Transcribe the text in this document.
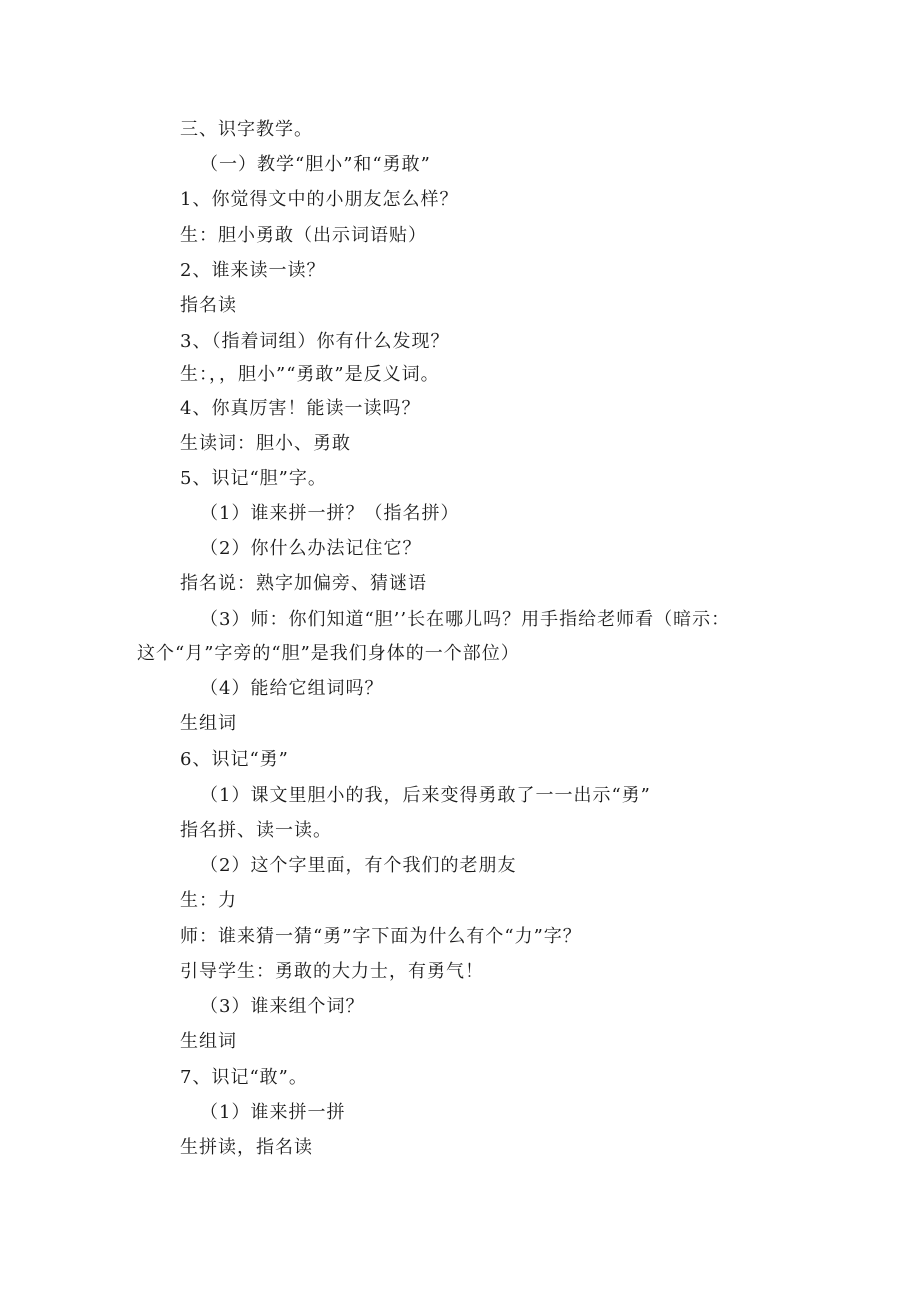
三、识字教学。
（一）教学“胆小”和“勇敢”
1、你觉得文中的小朋友怎么样？
生：胆小勇敢（出示词语贴）
2、谁来读一读？
指名读
3、（指着词组）你有什么发现？
生：，，胆小”“勇敢”是反义词。
4、你真厉害！能读一读吗？
生读词：胆小、勇敢
5、识记“胆”字。
（1）谁来拼一拼？（指名拼）
（2）你什么办法记住它？
指名说：熟字加偏旁、猜谜语
（3）师：你们知道“胆’’长在哪儿吗？用手指给老师看（暗示：
这个“月”字旁的“胆”是我们身体的一个部位）
（4）能给它组词吗？
生组词
6、识记“勇”
（1）课文里胆小的我，后来变得勇敢了一一出示“勇”
指名拼、读一读。
（2）这个字里面，有个我们的老朋友
生：力
师：谁来猜一猜“勇”字下面为什么有个“力”字？
引导学生：勇敢的大力士，有勇气！
（3）谁来组个词？
生组词
7、识记“敢”。
（1）谁来拼一拼
生拼读，指名读
